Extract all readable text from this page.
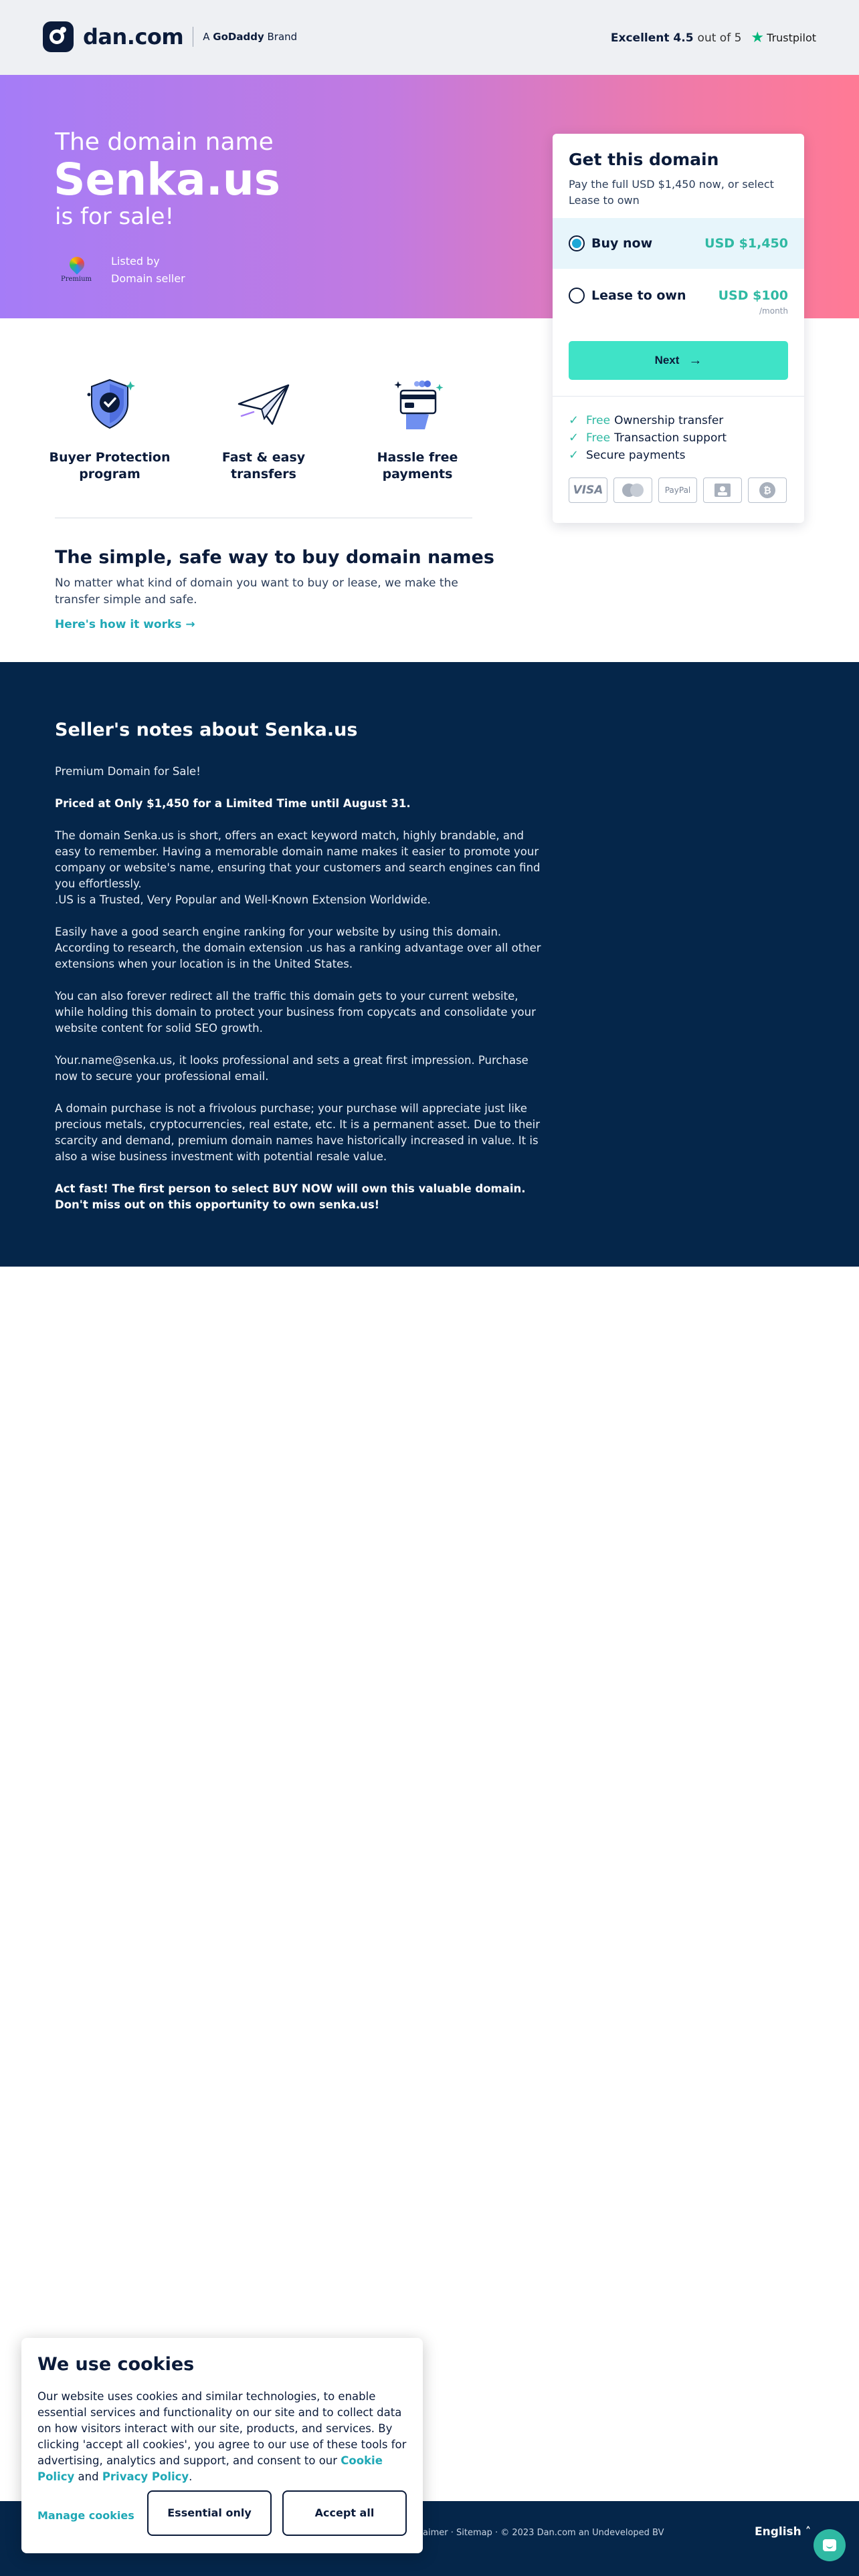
dan.com A GoDaddy Brand	Excellent 4.5 out of 5 ★ Trustpilot
The domain name
Senka.us
is for sale!
Premium
Listed by
Domain seller
Get this domain
Pay the full USD $1,450 now, or select Lease to own
Buy now	USD $1,450
Lease to own	USD $100
/month
Next →
✓ Free Ownership transfer
✓ Free Transaction support
✓ Secure payments
VISA	PayPal	₿
Buyer Protection program
Fast & easy transfers
Hassle free payments
The simple, safe way to buy domain names

No matter what kind of domain you want to buy or lease, we make the transfer simple and safe.

Here's how it works →
Seller's notes about Senka.us
Premium Domain for Sale!
Priced at Only $1,450 for a Limited Time until August 31.
The domain Senka.us is short, offers an exact keyword match, highly brandable, and easy to remember. Having a memorable domain name makes it easier to promote your company or website's name, ensuring that your customers and search engines can find you effortlessly.
.US is a Trusted, Very Popular and Well-Known Extension Worldwide.
Easily have a good search engine ranking for your website by using this domain. According to research, the domain extension .us has a ranking advantage over all other extensions when your location is in the United States.
You can also forever redirect all the traffic this domain gets to your current website, while holding this domain to protect your business from copycats and consolidate your website content for solid SEO growth.
Your.name@senka.us, it looks professional and sets a great first impression. Purchase now to secure your professional email.
A domain purchase is not a frivolous purchase; your purchase will appreciate just like precious metals, cryptocurrencies, real estate, etc. It is a permanent asset. Due to their scarcity and demand, premium domain names have historically increased in value. It is also a wise business investment with potential resale value.
Act fast! The first person to select BUY NOW will own this valuable domain. Don't miss out on this opportunity to own senka.us!
aimer · Sitemap · © 2023 Dan.com an Undeveloped BV	English ˄
We use cookies

Our website uses cookies and similar technologies, to enable essential services and functionality on our site and to collect data on how visitors interact with our site, products, and services. By clicking 'accept all cookies', you agree to our use of these tools for advertising, analytics and support, and consent to our Cookie Policy and Privacy Policy.

Manage cookies	Essential only	Accept all
